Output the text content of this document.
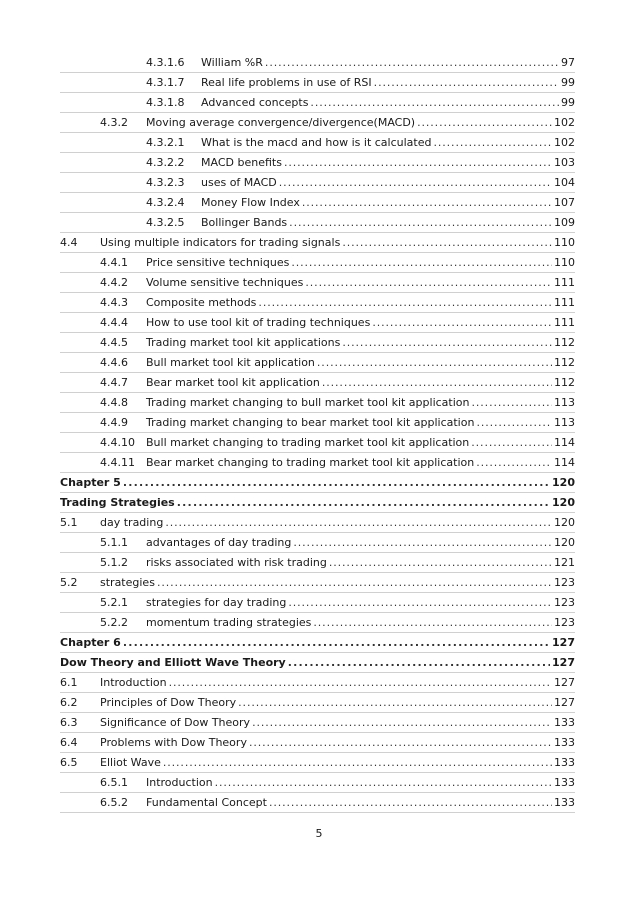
4.3.1.6 William %R . . .	97
4.3.1.7 Real life problems in use of RSI . . .	99
4.3.1.8 Advanced concepts . . .	99
4.3.2 Moving average convergence/divergence(MACD) . . .	102
4.3.2.1 What is the macd and how is it calculated . . .	102
4.3.2.2 MACD benefits . . .	103
4.3.2.3 uses of MACD . . .	104
4.3.2.4 Money Flow Index . . .	107
4.3.2.5 Bollinger Bands . . .	109
4.4 Using multiple indicators for trading signals . . .	110
4.4.1 Price sensitive techniques . . .	110
4.4.2 Volume sensitive techniques . . .	111
4.4.3 Composite methods . . .	111
4.4.4 How to use tool kit of trading techniques . . .	111
4.4.5 Trading market tool kit applications . . .	112
4.4.6 Bull market tool kit application . . .	112
4.4.7 Bear market tool kit application . . .	112
4.4.8 Trading market changing to bull market tool kit application . . .	113
4.4.9 Trading market changing to bear market tool kit application . . .	113
4.4.10 Bull market changing to trading market tool kit application . . .	114
4.4.11 Bear market changing to trading market tool kit application . . .	114
Chapter 5 . . .	120
Trading Strategies . . .	120
5.1 day trading . . .	120
5.1.1 advantages of day trading . . .	120
5.1.2 risks associated with risk trading . . .	121
5.2 strategies . . .	123
5.2.1 strategies for day trading . . .	123
5.2.2 momentum trading strategies . . .	123
Chapter 6 . . .	127
Dow Theory and Elliott Wave Theory . . .	127
6.1 Introduction . . .	127
6.2 Principles of Dow Theory . . .	127
6.3 Significance of Dow Theory . . .	133
6.4 Problems with Dow Theory . . .	133
6.5 Elliot Wave . . .	133
6.5.1 Introduction . . .	133
6.5.2 Fundamental Concept . . .	133
5
